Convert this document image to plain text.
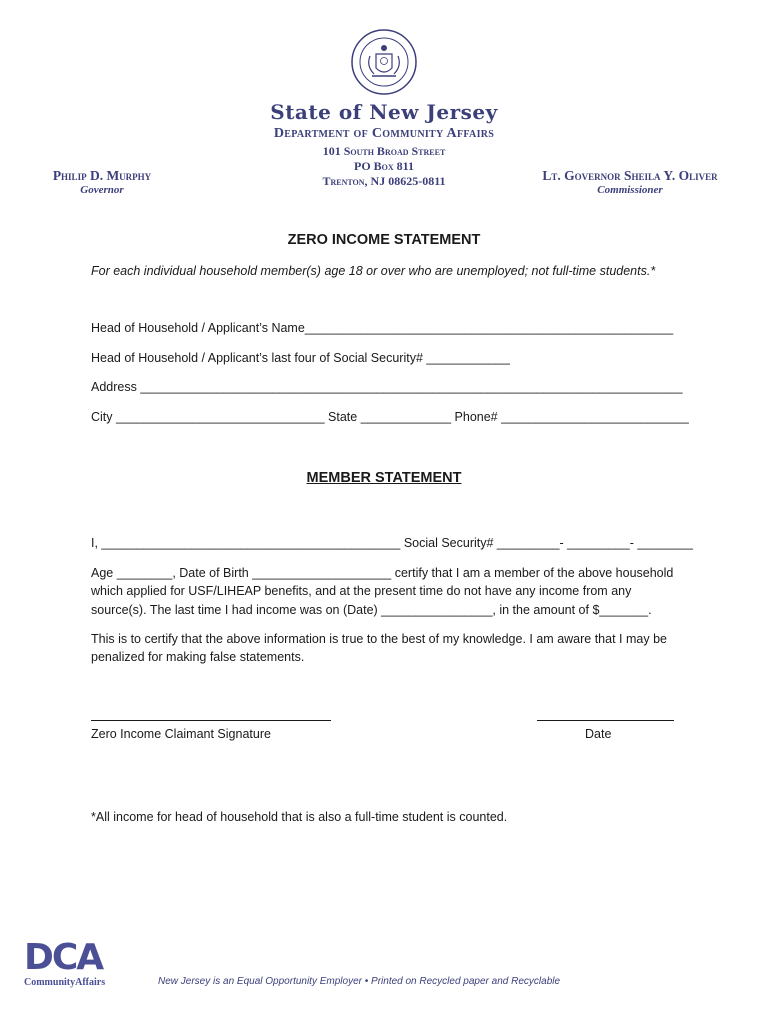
State of New Jersey
Department of Community Affairs
101 South Broad Street
PO Box 811
Trenton, NJ 08625-0811
Philip D. Murphy
Governor
Lt. Governor Sheila Y. Oliver
Commissioner
ZERO INCOME STATEMENT
For each individual household member(s) age 18 or over who are unemployed; not full-time students.*
Head of Household / Applicant’s Name_____________________________________________________
Head of Household / Applicant’s last four of Social Security# ____________
Address ______________________________________________________________________________
City ______________________________ State _____________ Phone# ___________________________
MEMBER STATEMENT
I, ___________________________________________ Social Security# _________- _________- ________
Age ________, Date of Birth ____________________ certify that I am a member of the above household which applied for USF/LIHEAP benefits, and at the present time do not have any income from any source(s). The last time I had income was on (Date) ________________, in the amount of $_______.
This is to certify that the above information is true to the best of my knowledge. I am aware that I may be penalized for making false statements.
Zero Income Claimant Signature	Date
*All income for head of household that is also a full-time student is counted.
DCA
CommunityAffairs	New Jersey is an Equal Opportunity Employer • Printed on Recycled paper and Recyclable
